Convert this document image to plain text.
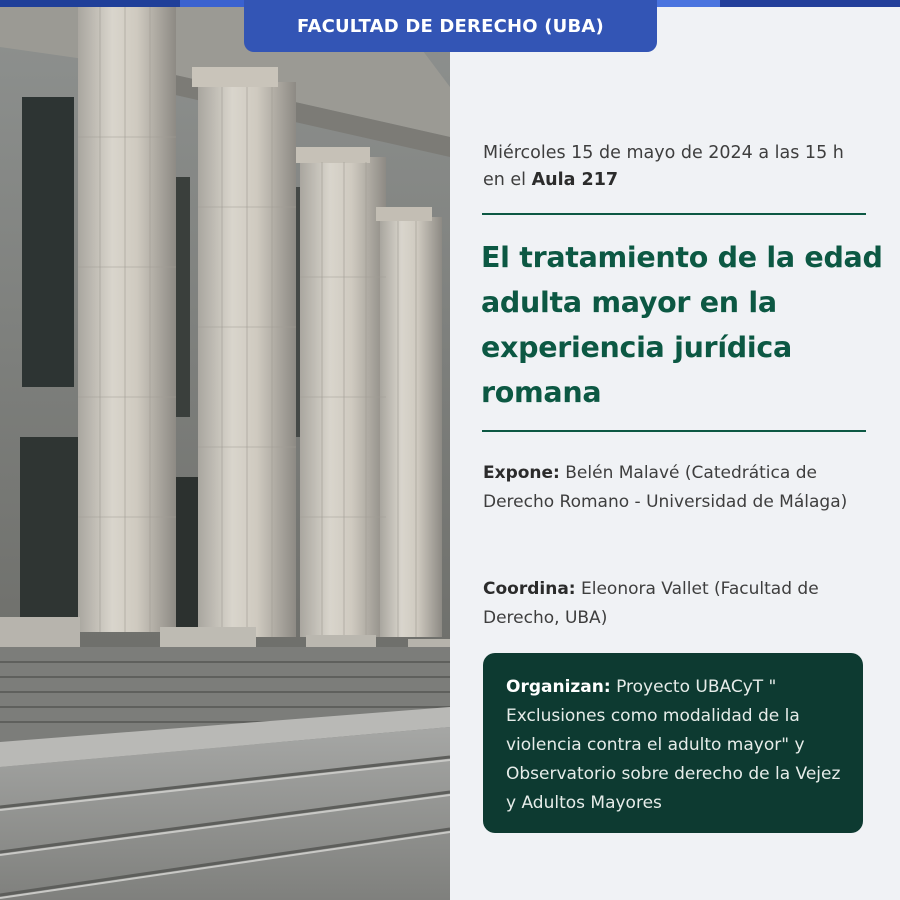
FACULTAD DE DERECHO (UBA)

Miércoles 15 de mayo de 2024 a las 15 h
en el Aula 217

El tratamiento de la edad adulta mayor en la experiencia jurídica romana

Expone: Belén Malavé (Catedrática de Derecho Romano - Universidad de Málaga)

Coordina: Eleonora Vallet (Facultad de Derecho, UBA)

Organizan: Proyecto UBACyT " Exclusiones como modalidad de la violencia contra el adulto mayor" y Observatorio sobre derecho de la Vejez y Adultos Mayores
